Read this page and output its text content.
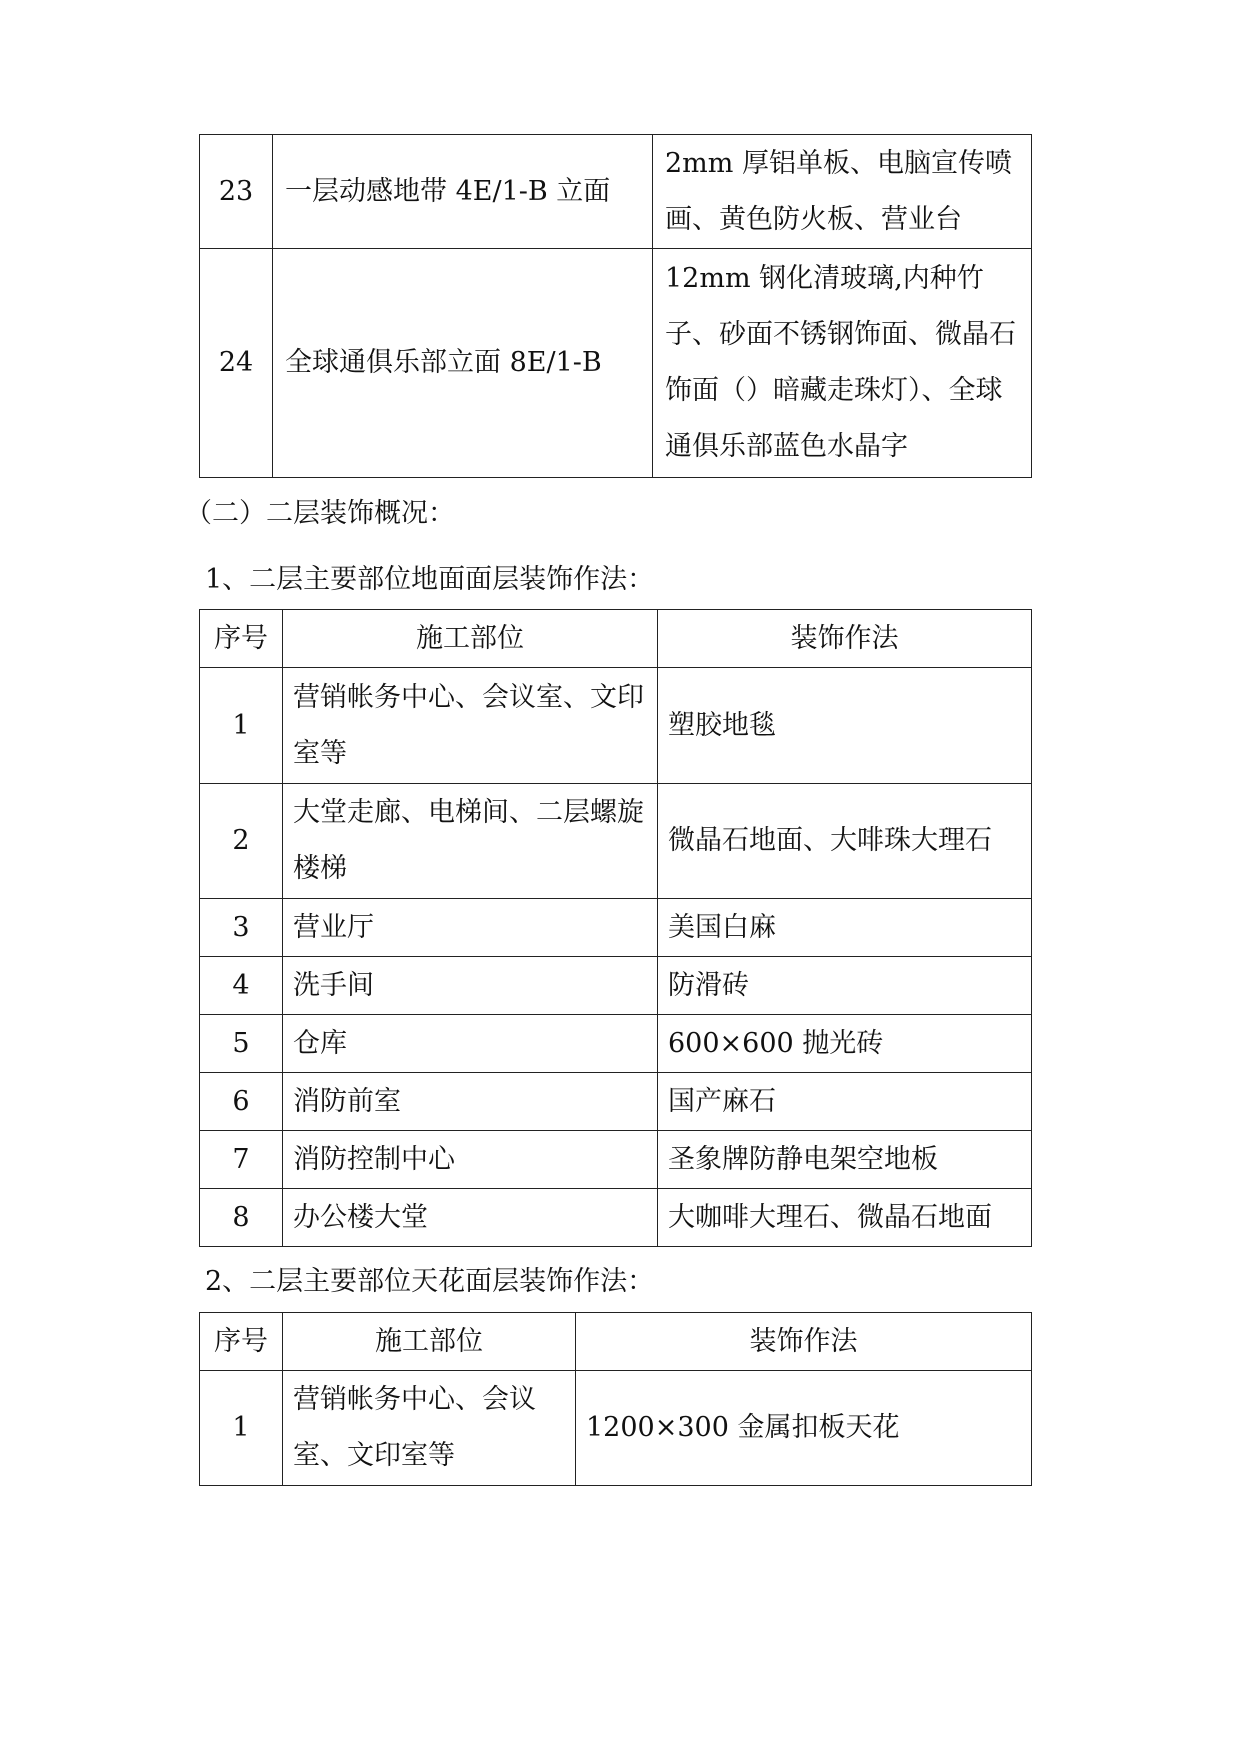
23	一层动感地带 4E/1-B 立面	2mm 厚铝单板、电脑宣传喷画、黄色防火板、营业台
24	全球通俱乐部立面 8E/1-B	12mm 钢化清玻璃,内种竹子、砂面不锈钢饰面、微晶石饰面（）暗藏走珠灯）、全球通俱乐部蓝色水晶字
（二）二层装饰概况：
1、二层主要部位地面面层装饰作法：
序号	施工部位	装饰作法
1	营销帐务中心、会议室、文印室等	塑胶地毯
2	大堂走廊、电梯间、二层螺旋楼梯	微晶石地面、大啡珠大理石
3	营业厅	美国白麻
4	洗手间	防滑砖
5	仓库	600×600 抛光砖
6	消防前室	国产麻石
7	消防控制中心	圣象牌防静电架空地板
8	办公楼大堂	大咖啡大理石、微晶石地面
2、二层主要部位天花面层装饰作法：
序号	施工部位	装饰作法
1	营销帐务中心、会议室、文印室等	1200×300 金属扣板天花
